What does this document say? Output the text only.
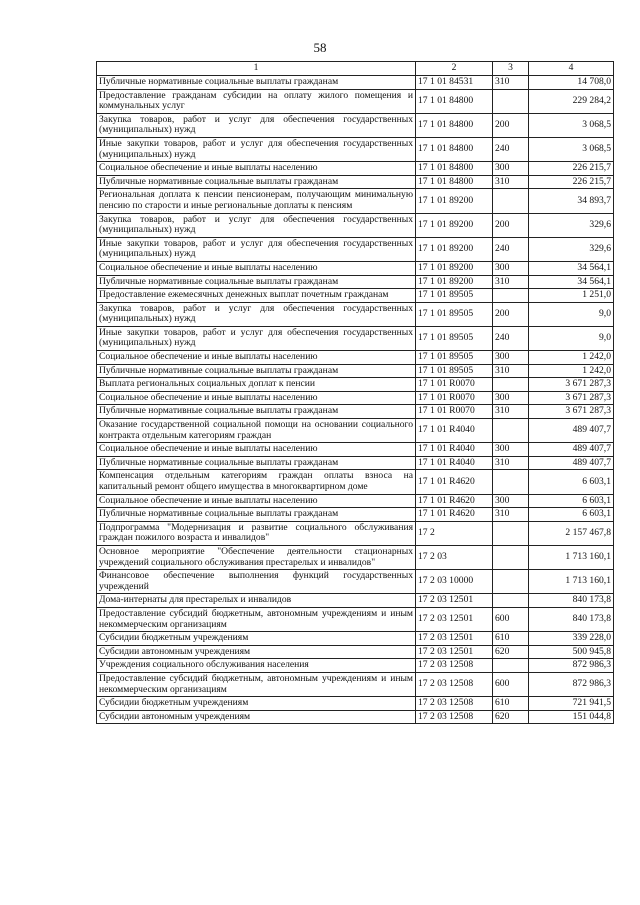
58
1	2	3	4
Публичные нормативные социальные выплаты гражданам	17 1 01 84531	310	14 708,0
Предоставление гражданам субсидии на оплату жилого помещения и коммунальных услуг	17 1 01 84800		229 284,2
Закупка товаров, работ и услуг для обеспечения государственных (муниципальных) нужд	17 1 01 84800	200	3 068,5
Иные закупки товаров, работ и услуг для обеспечения государственных (муниципальных) нужд	17 1 01 84800	240	3 068,5
Социальное обеспечение и иные выплаты населению	17 1 01 84800	300	226 215,7
Публичные нормативные социальные выплаты гражданам	17 1 01 84800	310	226 215,7
Региональная доплата к пенсии пенсионерам, получающим минимальную пенсию по старости и иные региональные доплаты к пенсиям	17 1 01 89200		34 893,7
Закупка товаров, работ и услуг для обеспечения государственных (муниципальных) нужд	17 1 01 89200	200	329,6
Иные закупки товаров, работ и услуг для обеспечения государственных (муниципальных) нужд	17 1 01 89200	240	329,6
Социальное обеспечение и иные выплаты населению	17 1 01 89200	300	34 564,1
Публичные нормативные социальные выплаты гражданам	17 1 01 89200	310	34 564,1
Предоставление ежемесячных денежных выплат почетным гражданам	17 1 01 89505		1 251,0
Закупка товаров, работ и услуг для обеспечения государственных (муниципальных) нужд	17 1 01 89505	200	9,0
Иные закупки товаров, работ и услуг для обеспечения государственных (муниципальных) нужд	17 1 01 89505	240	9,0
Социальное обеспечение и иные выплаты населению	17 1 01 89505	300	1 242,0
Публичные нормативные социальные выплаты гражданам	17 1 01 89505	310	1 242,0
Выплата региональных социальных доплат к пенсии	17 1 01 R0070		3 671 287,3
Социальное обеспечение и иные выплаты населению	17 1 01 R0070	300	3 671 287,3
Публичные нормативные социальные выплаты гражданам	17 1 01 R0070	310	3 671 287,3
Оказание государственной социальной помощи на основании социального контракта отдельным категориям граждан	17 1 01 R4040		489 407,7
Социальное обеспечение и иные выплаты населению	17 1 01 R4040	300	489 407,7
Публичные нормативные социальные выплаты гражданам	17 1 01 R4040	310	489 407,7
Компенсация отдельным категориям граждан оплаты взноса на капитальный ремонт общего имущества в многоквартирном доме	17 1 01 R4620		6 603,1
Социальное обеспечение и иные выплаты населению	17 1 01 R4620	300	6 603,1
Публичные нормативные социальные выплаты гражданам	17 1 01 R4620	310	6 603,1
Подпрограмма "Модернизация и развитие социального обслуживания граждан пожилого возраста и инвалидов"	17 2		2 157 467,8
Основное мероприятие "Обеспечение деятельности стационарных учреждений социального обслуживания престарелых и инвалидов"	17 2 03		1 713 160,1
Финансовое обеспечение выполнения функций государственных учреждений	17 2 03 10000		1 713 160,1
Дома-интернаты для престарелых и инвалидов	17 2 03 12501		840 173,8
Предоставление субсидий бюджетным, автономным учреждениям и иным некоммерческим организациям	17 2 03 12501	600	840 173,8
Субсидии бюджетным учреждениям	17 2 03 12501	610	339 228,0
Субсидии автономным учреждениям	17 2 03 12501	620	500 945,8
Учреждения социального обслуживания населения	17 2 03 12508		872 986,3
Предоставление субсидий бюджетным, автономным учреждениям и иным некоммерческим организациям	17 2 03 12508	600	872 986,3
Субсидии бюджетным учреждениям	17 2 03 12508	610	721 941,5
Субсидии автономным учреждениям	17 2 03 12508	620	151 044,8
